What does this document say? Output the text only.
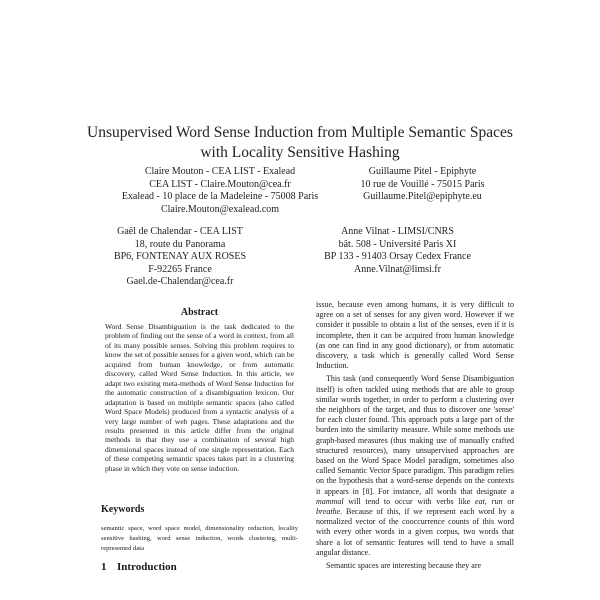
Unsupervised Word Sense Induction from Multiple Semantic Spaces
with Locality Sensitive Hashing
Claire Mouton - CEA LIST - Exalead
CEA LIST - Claire.Mouton@cea.fr
Exalead - 10 place de la Madeleine - 75008 Paris
Claire.Mouton@exalead.com
Guillaume Pitel - Epiphyte
10 rue de Vouillé - 75015 Paris
Guillaume.Pitel@epiphyte.eu
Gaël de Chalendar - CEA LIST
18, route du Panorama
BP6, FONTENAY AUX ROSES
F-92265 France
Gael.de-Chalendar@cea.fr
Anne Vilnat - LIMSI/CNRS
bât. 508 - Université Paris XI
BP 133 - 91403 Orsay Cedex France
Anne.Vilnat@limsi.fr
Abstract
Word Sense Disambiguation is the task dedicated to the problem of finding out the sense of a word in context, from all of its many possible senses. Solving this problem requires to know the set of possible senses for a given word, which can be acquired from human knowledge, or from automatic discovery, called Word Sense Induction. In this article, we adapt two existing meta-methods of Word Sense Induction for the automatic construction of a disambiguation lexicon. Our adaptation is based on multiple semantic spaces (also called Word Space Models) produced from a syntactic analysis of a very large number of web pages. These adaptations and the results presented in this article differ from the original methods in that they use a combination of several high dimensional spaces instead of one single representation. Each of these competing semantic spaces takes part in a clustering phase in which they vote on sense induction.
Keywords
semantic space, word space model, dimensionality reduction, locality sensitive hashing, word sense induction, words clustering, multi-represented data
1 Introduction

issue, because even among humans, it is very difficult to agree on a set of senses for any given word. However if we consider it possible to obtain a list of the senses, even if it is incomplete, then it can be acquired from human knowledge (as one can find in any good dictionary), or from automatic discovery, a task which is generally called Word Sense Induction.

This task (and consequently Word Sense Disambiguation itself) is often tackled using methods that are able to group similar words together, in order to perform a clustering over the neighbors of the target, and thus to discover one 'sense' for each cluster found. This approach puts a large part of the burden into the similarity measure. While some methods use graph-based measures (thus making use of manually crafted structured resources), many unsupervised approaches are based on the Word Space Model paradigm, sometimes also called Semantic Vector Space paradigm. This paradigm relies on the hypothesis that a word-sense depends on the contexts it appears in [8]. For instance, all words that designate a mammal will tend to occur with verbs like eat, run or breathe. Because of this, if we represent each word by a normalized vector of the cooccurrence counts of this word with every other words in a given corpus, two words that share a lot of semantic features will tend to have a small angular distance.

Semantic spaces are interesting because they are
